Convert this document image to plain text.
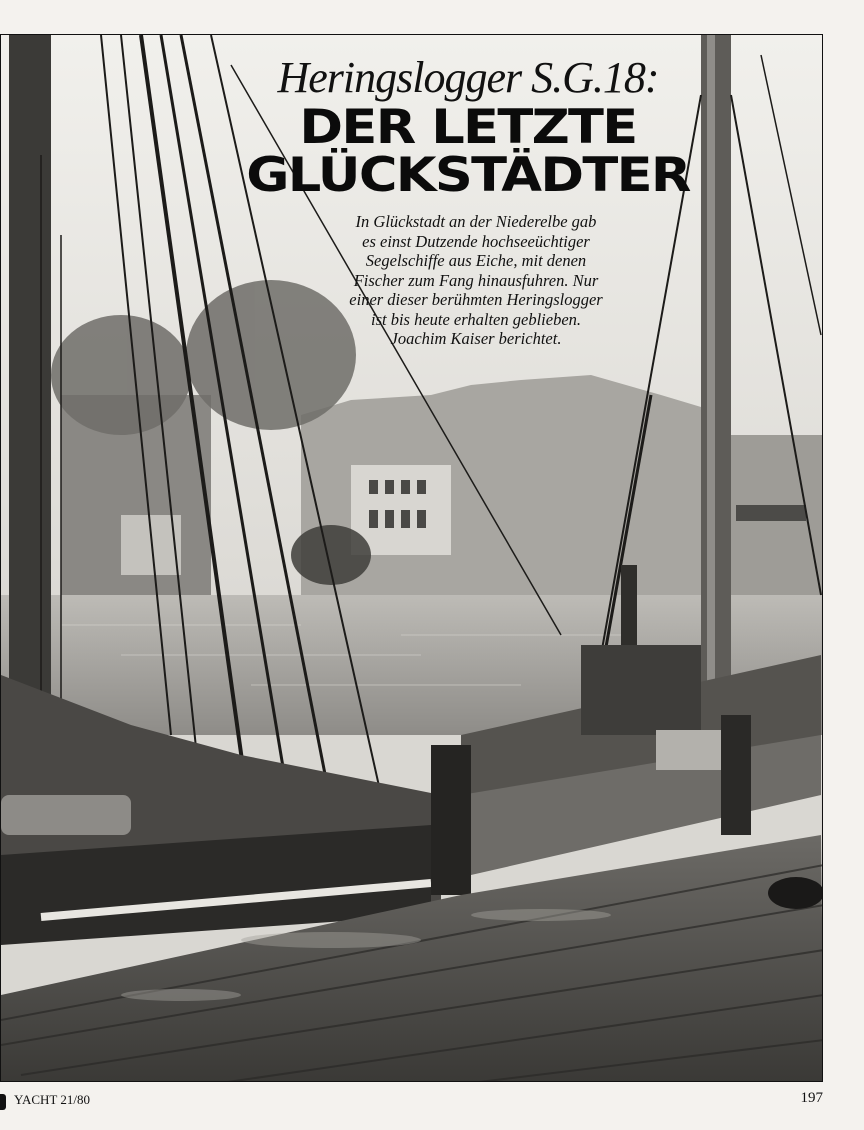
Heringslogger S.G.18:
DER LETZTE
GLÜCKSTÄDTER
In Glückstadt an der Niederelbe gab
es einst Dutzende hochseeüchtiger
Segelschiffe aus Eiche, mit denen
Fischer zum Fang hinausfuhren. Nur
einer dieser berühmten Heringslogger
ist bis heute erhalten geblieben.
Joachim Kaiser berichtet.
YACHT 21/80	197
